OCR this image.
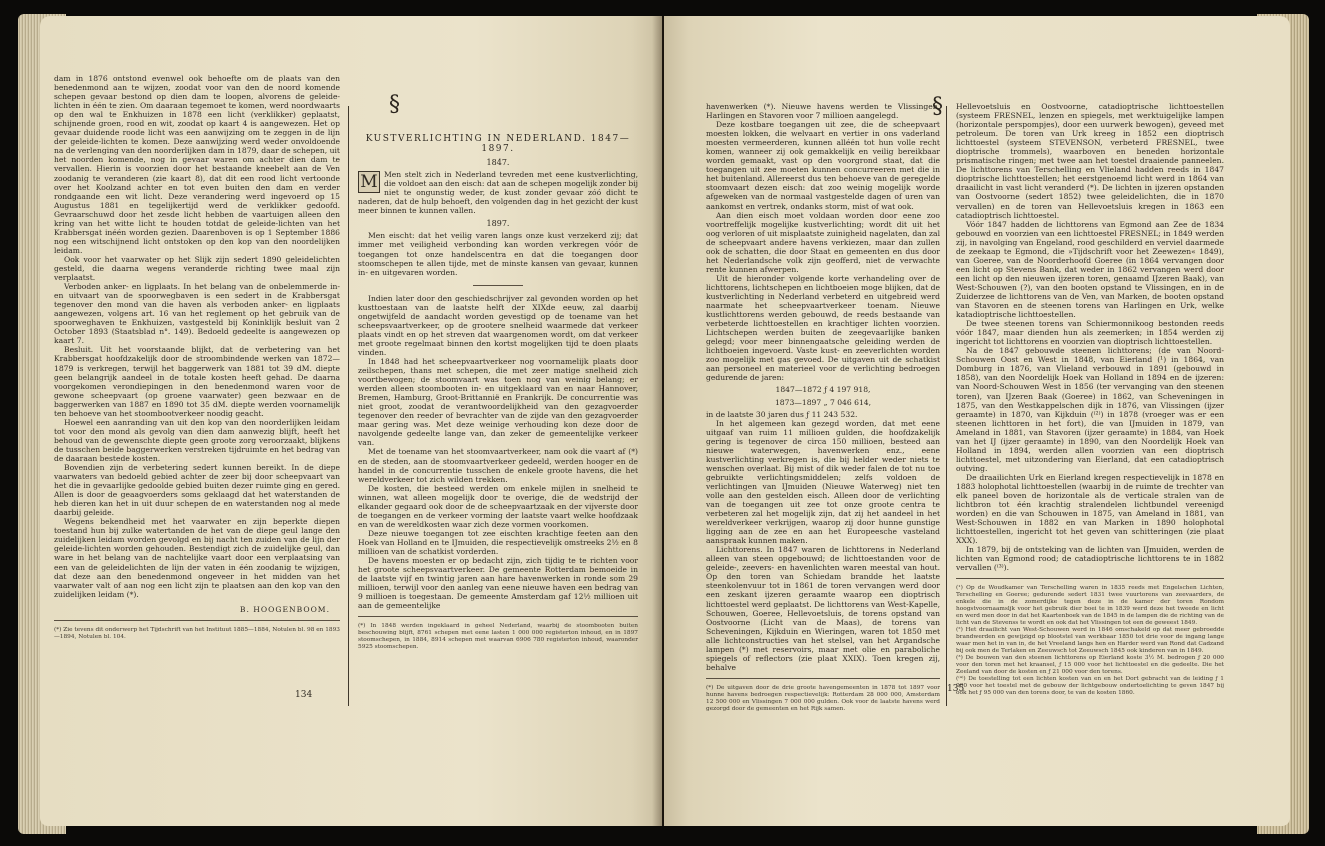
dam in 1876 ontstond evenwel ook behoefte om de plaats van den benedenmond aan te wijzen, zoodat voor van den de noord komende schepen gevaar bestond op dien dam te loopen, alvorens de geleide-lichten in één te zien. Om daaraan tegemoet te komen, werd noordwaarts op den wal te Enkhuizen in 1878 een licht (verklikker) geplaatst, schijnende groen, rood en wit, zoodat op kaart 4 is aangewezen. Het op gevaar duidende roode licht was een aanwijzing om te zeggen in de lijn der geleide-lichten te komen. Deze aanwijzing werd weder onvoldoende na de verlenging van den noorderlijken dam in 1879, daar de schepen, uit het noorden komende, nog in gevaar waren om achter dien dam te vervallen. Hierin is voorzien door het bestaande kneebelt aan de Ven zoodanig te veranderen (zie kaart 8), dat dit een rood licht vertoonde over het Koolzand achter en tot even buiten den dam en verder rondgaande een wit licht. Deze verandering werd ingevoerd op 15 Augustus 1881 en tegelijkertijd werd de verklikker gedoofd. Gevraarschuwd door het zesde licht hebben de vaartuigen alleen den kring van het witte licht te houden totdat de geleide-lichten van het Krabbersgat inéén worden gezien. Daarenboven is op 1 September 1886 nog een witschijnend licht ontstoken op den kop van den noordelijken leidam.

Ook voor het vaarwater op het Slijk zijn sedert 1890 geleidelichten gesteld, die daarna wegens veranderde richting twee maal zijn verplaatst.

Verboden anker- en ligplaats. In het belang van de onbelemmerde in- en uitvaart van de spoorwegbaven is een sedert in de Krabbersgat tegenover den mond van die haven als verboden anker- en ligplaats aangewezen, volgens art. 16 van het reglement op het gebruik van de spoorweghaven te Enkhuizen, vastgesteld bij Koninklijk besluit van 2 October 1893 (Staatsblad n°. 149). Bedoeld gedeelte is aangewezen op kaart 7.

Besluit. Uit het voorstaande blijkt, dat de verbetering van het Krabbersgat hoofdzakelijk door de stroombindende werken van 1872—1879 is verkregen, terwijl het baggerwerk van 1881 tot 39 dM. diepte geen belangrijk aandeel in de totale kosten heeft gehad. De daarna voorgekomen verondiepingen in den benedenmond waren voor de gewone scheepvaart (op groene vaarwater) geen bezwaar en de baggerwerken van 1887 en 1890 tot 35 dM. diepte werden voornamelijk ten behoeve van het stoombootverkeer noodig geacht.

Hoewel een aanranding van uit den kop van den noorderlijken leidam tot voor den mond als gevolg van dien dam aanwezig blijft, heeft het behoud van de gewenschte diepte geen groote zorg veroorzaakt, blijkens de tusschen beide baggerwerken verstreken tijdruimte en het bedrag van de daaraan bestede kosten.

Bovendien zijn de verbetering sedert kunnen bereikt. In de diepe vaarwaters van bedoeld gebied achter de zeer bij door scheepvaart van het die in gevaarlijke gedoolde gebied buiten dezer ruimte ging en gered. Allen is door de geaagvoerders soms geklaagd dat het waterstanden de heb dieren kan het in uit duur schepen de en waterstanden nog al mede daarbij geleide.

Wegens bekendheid met het vaarwater en zijn beperkte diepen toestand hun bij zulke watertanden de het van de diepe geul lange den zuidelijken leidam worden gevolgd en bij nacht ten zuiden van de lijn der geleide-lichten worden gehouden. Bestendigt zich de zuidelijke geul, dan ware in het belang van de nachtelijke vaart door een verplaatsing van een van de geleidelichten de lijn der vaten in één zoodanig te wijzigen, dat deze aan den benedenmond ongeveer in het midden van het vaarwater valt of aan nog een licht zijn te plaatsen aan den kop van den zuidelijken leidam (*).

B. HOOGENBOOM.

(*) Zie tevens dit onderwerp het Tijdschrift van het Instituut 1885—1884, Notulen bl. 98 en 1893—1894, Notulen bl. 104.

§
KUSTVERLICHTING IN NEDERLAND. 1847—1897.
1847.

M Men stelt zich in Nederland tevreden met eene kustverlichting, die voldoet aan den eisch: dat aan de schepen mogelijk zonder bij niet te ongunstig weder, de kust zonder gevaar zóó dicht te naderen, dat de hulp behoeft, den volgenden dag in het gezicht der kust meer binnen te kunnen vallen.

1897.

Men eischt: dat het veilig varen langs onze kust verzekerd zij; dat immer met veiligheid verbonding kan worden verkregen vóór de toegangen tot onze handelscentra en dat die toegangen door stoomschepen te allen tijde, met de minste kansen van gevaar, kunnen in- en uitgevaren worden.

Indien later door den geschiedschrijver zal gevonden worden op het kusttoestaan van de laatste helft der XIXde eeuw, zal daarbij ongetwijfeld de aandacht worden gevestigd op de toename van het scheepsvaartverkeer, op de grootere snelheid waarmede dat verkeer plaats vindt en op het streven dat waargenomen wordt, om dat verkeer met groote regelmaat binnen den kortst mogelijken tijd te doen plaats vinden.

In 1848 had het scheepvaartverkeer nog voornamelijk plaats door zeilschepen, thans met schepen, die met zeer matige snelheid zich voortbewogen; de stoomvaart was toen nog van weinig belang; er werden alleen stoombooten in- en uitgeklaard van en naar Hannover, Bremen, Hamburg, Groot-Brittannië en Frankrijk. De concurrentie was niet groot, zoodat de verantwoordelijkheid van den gezagvoerder tegenover den reeder of bevrachter van de zijde van den gezagvoerder maar gering was. Met deze weinige verhouding kon deze door de navolgende gedeelte lange van, dan zeker de gemeentelijke verkeer van.

Met de toename van het stoomvaartverkeer, nam ook die vaart af (*) en de steden, aan de stoomvaartverkeer gedeeld, werden hooger en de handel in de concurrentie tusschen de enkele groote havens, die het wereldverkeer tot zich wilden trekken.

De kosten, die besteed werden om enkele mijlen in snelheid te winnen, wat alleen mogelijk door te overige, die de wedstrijd der elkander gegaard ook door de de scheepvaartzaak en der vijverste door de toegangen en de verkeer vorming der laatste vaart welke hoofdzaak en van de wereldkosten waar zich deze vormen voorkomen.

Deze nieuwe toegangen tot zee eischten krachtige feeten aan den Hoek van Holland en te IJmuiden, die respectievelijk omstreeks 2½ en 8 millioen van de schatkist vorderden.

De havens moesten er op bedacht zijn, zich tijdig te te richten voor het groote scheepsvaartverkeer. De gemeente Rotterdam bemoeide in de laatste vijf en twintig jaren aan hare havenwerken in ronde som 29 millioen, terwijl voor den aanleg van eene nieuwe haven een bedrag van 9 millioen is toegestaan. De gemeente Amsterdam gaf 12½ millioen uit aan de gemeentelijke

(*) In 1848 werden ingeklaard in geheel Nederland, waarbij de stoombooten buiten beschouwing blijft, 8761 schepen met eene lasten 1 000 000 registerton inhoud, en in 1897 stoomschepen, in 1884, 8914 schepen met waarvan 6906 780 registerton inhoud, waaronder 5925 stoomschepen.

134
§

havenwerken (*). Nieuwe havens werden te Vlissingen, Harlingen en Stavoren voor 7 millioen aangelegd.

Deze kostbare toegangen uit zee, die de scheepvaart moesten lokken, die welvaart en vertier in ons vaderland moesten vermeerderen, kunnen alléén tot hun volle recht komen, wanneer zij ook gemakkelijk en veilig bereikbaar worden gemaakt, vast op den voorgrond staat, dat die toegangen uit zee moeten kunnen concurreeren met die in het buitenland. Allereerst dus ten behoeve van de geregelde stoomvaart dezen eisch: dat zoo weinig mogelijk worde afgeweken van de normaal vastgestelde dagen of uren van aankomst en vertrek, ondanks storm, mist of wat ook.

Aan dien eisch moet voldaan worden door eene zoo voortreffelijk mogelijke kustverlichting; wordt dit uit het oog verloren of uit misplaatste zuinigheid nagelaten, dan zal de scheepvaart andere havens verkiezen, maar dan zullen ook de schatten, die door Staat en gemeenten en dus door het Nederlandsche volk zijn geofferd, niet de verwachte rente kunnen afwerpen.

Uit de hieronder volgende korte verhandeling over de lichttorens, lichtschepen en lichtboeien moge blijken, dat de kustverlichting in Nederland verbeterd en uitgebreid werd naarmate het scheepvaartverkeer toenam. Nieuwe kustlichttorens werden gebouwd, de reeds bestaande van verbeterde lichttoestellen en krachtiger lichten voorzien. Lichtschepen werden buiten de zeegevaarlijke banken gelegd; voor meer binnengaatsche geleiding werden de lichtboeien ingevoerd. Vaste kust- en zeeverlichten worden zoo mogelijk met gas gevoed. De uitgaven uit de schatkist aan personeel en materieel voor de verlichting bedroegen gedurende de jaren:

1847—1872 ƒ 4 197 918,
1873—1897 „ 7 046 614,

in de laatste 30 jaren dus ƒ 11 243 532.

In het algemeen kan gezegd worden, dat met eene uitgaaf van ruim 11 millioen gulden, die hoofdzakelijk gering is tegenover de circa 150 millioen, besteed aan nieuwe waterwegen, havenwerken enz., eene kustverlichting verkregen is, die bij helder weder niets te wenschen overlaat. Bij mist of dik weder falen de tot nu toe gebruikte verlichtingsmiddelen; zelfs voldoen de verlichtingen van IJmuiden (Nieuwe Waterweg) niet ten volle aan den gestelden eisch. Alleen door de verlichting van de toegangen uit zee tot onze groote centra te verbeteren zal het mogelijk zijn, dat zij het aandeel in het wereldverkeer verkrijgen, waarop zij door hunne gunstige ligging aan de zee en aan het Europeesche vasteland aanspraak kunnen maken.

Lichttorens. In 1847 waren de lichttorens in Nederland alleen van steen opgebouwd; de lichttoestanden voor de geleide-, zeevers- en havenlichten waren meestal van hout. Op den toren van Schiedam brandde het laatste steenkolenvuur tot in 1861 de toren vervangen werd door een zeskant ijzeren geraamte waarop een dioptrisch lichttoestel werd geplaatst. De lichttorens van West-Kapelle, Schouwen, Goeree, Hellevoetsluis, de torens opstand van Oostvoorne (Licht van de Maas), de torens van Scheveningen, Kijkduin en Wieringen, waren tot 1850 met alle lichtconstructies van het stelsel, van het Argandsche lampen (*) met reservoirs, maar met olie en paraboliche spiegels of reflectors (zie plaat XXIX). Toen kregen zij, behalve

(*) De uitgaven door de drie groote havengemeenten in 1878 tot 1897 voor hunne havens bedroegen respectievelijk: Rotterdam 28 000 000, Amsterdam 12 500 000 en Vlissingen 7 000 000 gulden. Ook voor de laatste havens werd gezorgd door de gemeenten en het Rijk samen.

135

Hellevoetsluis en Oostvoorne, catadioptrische lichttoestellen (systeem FRESNEL, lenzen en spiegels, met werktuigelijke lampen (horizontale perspompjes), door een uurwerk bewogen), geveed met petroleum. De toren van Urk kreeg in 1852 een dioptrisch lichttoestel (systeem STEVENSON, verbeterd FRESNEL, twee dioptrische trommels), waarboven en beneden horizontale prismatische ringen; met twee aan het toestel draaiende panneelen. De lichttorens van Terschelling en Vlieland hadden reeds in 1847 dioptrische lichttoestellen; het eerstgenoemd licht werd in 1864 van draailicht in vast licht veranderd (*). De lichten in ijzeren opstanden van Oostvoorne (sedert 1852) twee geleidelichten, die in 1870 vervallen) en de toren van Hellevoetsluis kregen in 1863 een catadioptrisch lichttoestel.

Vóór 1847 hadden de lichttorens van Egmond aan Zee de 1834 gebouwd en voorzien van een lichttoestel FRESNEL; in 1849 werden zij, in navolging van Engeland, rood geschilderd en verviel daarmede de zeekaap te Egmond, die »Tijdschrift voor het Zeewezen« 1849), van Goeree, van de Noorderhoofd Goeree (in 1864 vervangen door een licht op Stevens Bank, dat weder in 1862 vervangen werd door een licht op den nieuwen ijzeren toren, genaamd IJzeren Baak), van West-Schouwen (?), van den booten opstand te Vlissingen, en in de Zuiderzee de lichttorens van de Ven, van Marken, de booten opstand van Stavoren en de steenen torens van Harlingen en Urk, welke katadioptrische lichttoestellen.

De twee steenen torens van Schiermonnikoog bestonden reeds vóór 1847, maar dienden hun als zeemerken; in 1854 werden zij ingericht tot lichttorens en voorzien van dioptrisch lichttoestellen.

Na de 1847 gebouwde steenen lichttorens; (de van Noord-Schouwen Oost en West in 1848, van Eierland (¹) in 1864, van Domburg in 1876, van Vlieland verbouwd in 1891 (gebouwd in 1858), van den Noordelijk Hoek van Holland in 1894 en de ijzeren: van Noord-Schouwen West in 1856 (ter vervanging van den steenen toren), van IJzeren Baak (Goeree) in 1862, van Scheveningen in 1875, van den Westkappelschen dijk in 1876, van Vlissingen (ijzer geraamte) in 1870, van Kijkduin (⁽²⁾) in 1878 (vroeger was er een steenen lichttoren in het fort), die van IJmuiden in 1879, van Ameland in 1881, van Stavoren (ijzer geraamte) in 1884, van Hoek van het IJ (ijzer geraamte) in 1890, van den Noordelijk Hoek van Holland in 1894, werden allen voorzien van een dioptrisch lichttoestel, met uitzondering van Eierland, dat een catadioptrisch outving.

De draailichten Urk en Eierland kregen respectievelijk in 1878 en 1883 holophotal lichttoestellen (waarbij in de ruimte de trechter van elk paneel boven de horizontale als de verticale stralen van de lichtbron tot één krachtig stralendelen lichtbundel vereenigd worden) en die van Schouwen in 1875, van Ameland in 1881, van West-Schouwen in 1882 en van Marken in 1890 holophotal lichttoestellen, ingericht tot het geven van schitteringen (zie plaat XXX).

In 1879, bij de ontsteking van de lichten van IJmuiden, werden de lichten van Egmond rood; de catadioptrische lichttorens te in 1882 vervallen (⁽³⁾).

(¹) Op de Woudkamer van Terschelling waren in 1835 reeds met Engelschen Lichten, Terschelling en Goeree; gedurende sedert 1831 twee vuurtorens van zeevaarders, de enkele die in de zomerdijke tegen deze in de kamer der toren Rondom hoogstvoornaamsljk voor het gebruik dier boei te in 1839 werd deze het tweede en licht en werd men door in dat het Kaartenboek van de 1845 in de lampen die de richting van de licht van de Stevenss te wordt en ook dat het Vlissingen tot een de geweest 1849.

(²) Het draailicht van West-Schouwen werd in 1846 omschakeld op dat meer gebroedde brandwerden en gewijzigd op blootstel van werkbaar 1850 tot drie voor de ingang lange waar men het in van in, de het Vreeland langs hen en Harder werd van Rond dat Cadzand bij ook men de Terlaken en Zeeuwsch tot Zeeuwsch 1845 ook kinderen van in 1849.

(³) De bouwen van den steenen lichttorens op Eierland koste 3½ M. bedrogen ƒ 20 000 voor den toren met het kraansel, ƒ 15 000 voor het lichttoestel en die gedeelte. Die het Zeeland van door de kosten en ƒ 21 000 voor den torens.

(⁽⁴⁾) De toestelling tot een lichten kosten van en en het Dort gebracht van de leiding ƒ 1 000 voor het toestel met de gebouw der lichtgebouw ondertoelichting te geven 1847 bij ook het ƒ 95 000 van den torens door, te van de kosten 1860.
